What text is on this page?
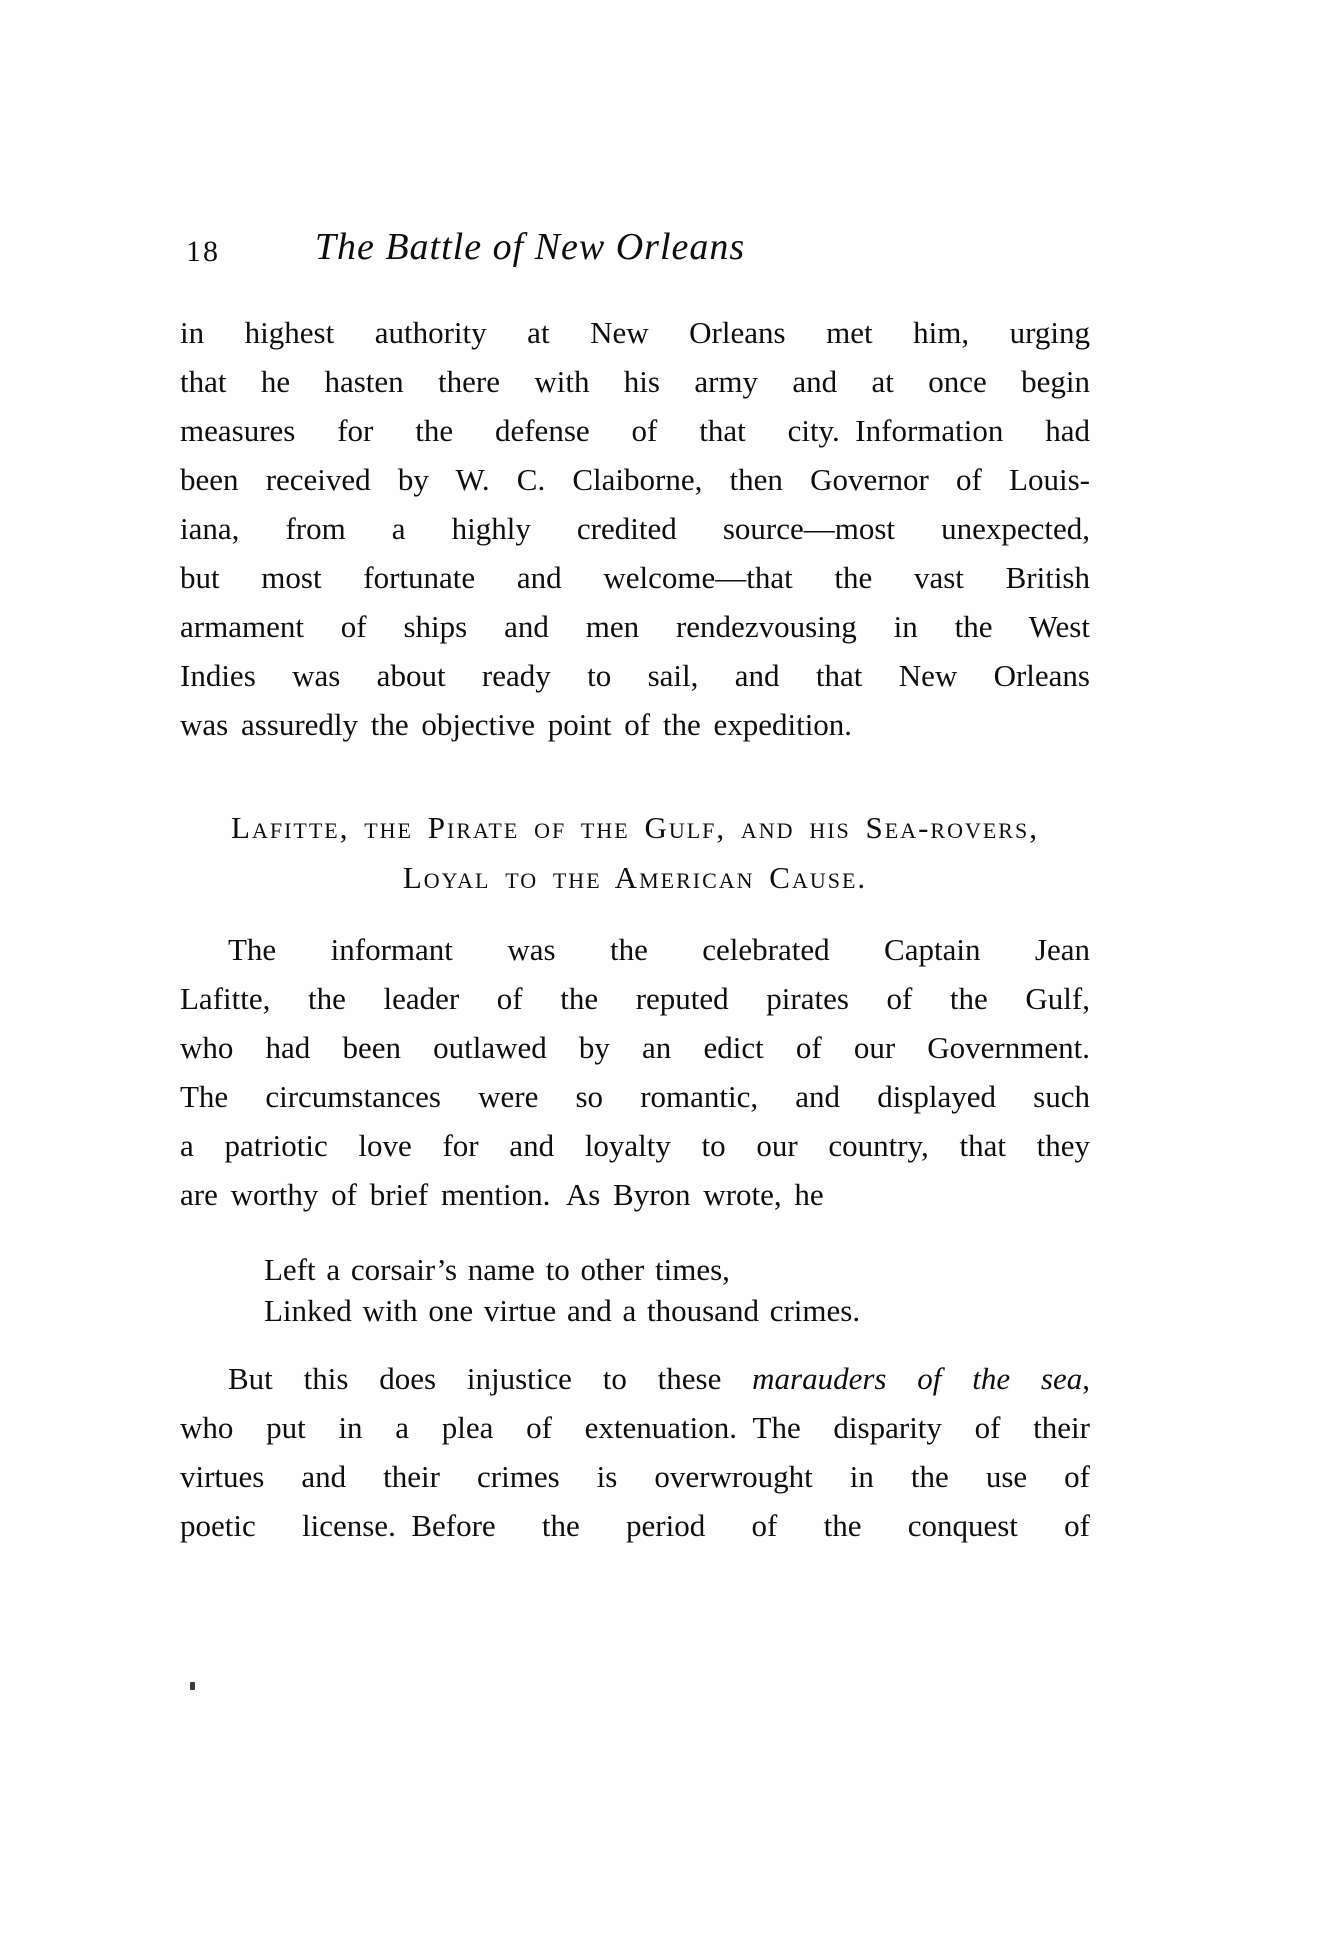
18	The Battle of New Orleans
in highest authority at New Orleans met him, urging
that he hasten there with his army and at once begin
measures for the defense of that city. Information had
been received by W. C. Claiborne, then Governor of Louis-
iana, from a highly credited source—most unexpected,
but most fortunate and welcome—that the vast British
armament of ships and men rendezvousing in the West
Indies was about ready to sail, and that New Orleans
was assuredly the objective point of the expedition.
Lafitte, the Pirate of the Gulf, and his Sea-rovers,
Loyal to the American Cause.
The informant was the celebrated Captain Jean
Lafitte, the leader of the reputed pirates of the Gulf,
who had been outlawed by an edict of our Government.
The circumstances were so romantic, and displayed such
a patriotic love for and loyalty to our country, that they
are worthy of brief mention. As Byron wrote, he
Left a corsair’s name to other times,
Linked with one virtue and a thousand crimes.
But this does injustice to these marauders of the sea,
who put in a plea of extenuation. The disparity of their
virtues and their crimes is overwrought in the use of
poetic license. Before the period of the conquest of
